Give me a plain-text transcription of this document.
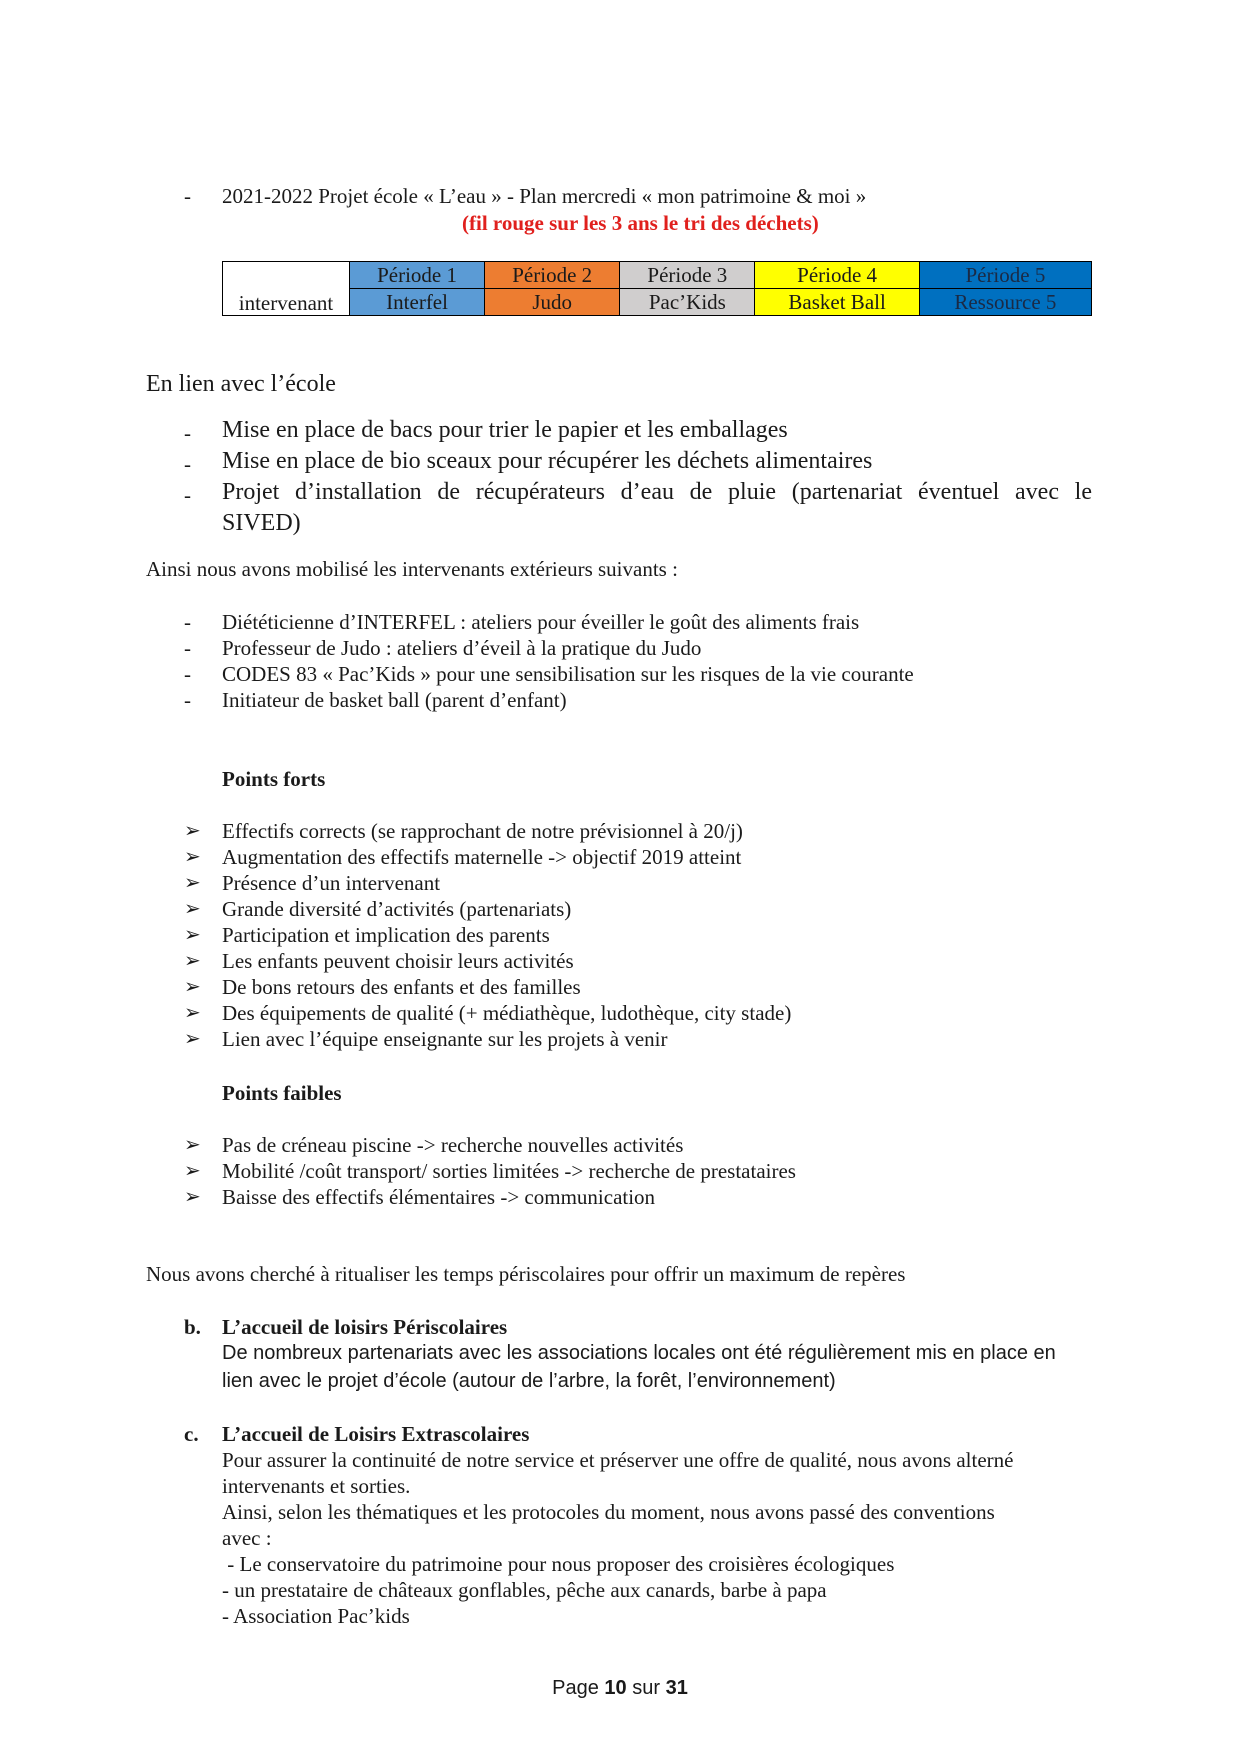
- 2021-2022 Projet école « L’eau » - Plan mercredi « mon patrimoine & moi »
(fil rouge sur les 3 ans le tri des déchets)
intervenant	Période 1	Période 2	Période 3	Période 4	Période 5
	Interfel	Judo	Pac’Kids	Basket Ball	Ressource 5
En lien avec l’école
- Mise en place de bacs pour trier le papier et les emballages
- Mise en place de bio sceaux pour récupérer les déchets alimentaires
- Projet d’installation de récupérateurs d’eau de pluie (partenariat éventuel avec le
SIVED)
Ainsi nous avons mobilisé les intervenants extérieurs suivants :
- Diététicienne d’INTERFEL : ateliers pour éveiller le goût des aliments frais
- Professeur de Judo : ateliers d’éveil à la pratique du Judo
- CODES 83 « Pac’Kids » pour une sensibilisation sur les risques de la vie courante
- Initiateur de basket ball (parent d’enfant)
Points forts
➢ Effectifs corrects (se rapprochant de notre prévisionnel à 20/j)
➢ Augmentation des effectifs maternelle -> objectif 2019 atteint
➢ Présence d’un intervenant
➢ Grande diversité d’activités (partenariats)
➢ Participation et implication des parents
➢ Les enfants peuvent choisir leurs activités
➢ De bons retours des enfants et des familles
➢ Des équipements de qualité (+ médiathèque, ludothèque, city stade)
➢ Lien avec l’équipe enseignante sur les projets à venir
Points faibles
➢ Pas de créneau piscine -> recherche nouvelles activités
➢ Mobilité /coût transport/ sorties limitées -> recherche de prestataires
➢ Baisse des effectifs élémentaires -> communication
Nous avons cherché à ritualiser les temps périscolaires pour offrir un maximum de repères
b. L’accueil de loisirs Périscolaires
De nombreux partenariats avec les associations locales ont été régulièrement mis en place en
lien avec le projet d’école (autour de l’arbre, la forêt, l’environnement)
c. L’accueil de Loisirs Extrascolaires
Pour assurer la continuité de notre service et préserver une offre de qualité, nous avons alterné
intervenants et sorties.
Ainsi, selon les thématiques et les protocoles du moment, nous avons passé des conventions
avec :
- Le conservatoire du patrimoine pour nous proposer des croisières écologiques
- un prestataire de châteaux gonflables, pêche aux canards, barbe à papa
- Association Pac’kids
Page 10 sur 31
